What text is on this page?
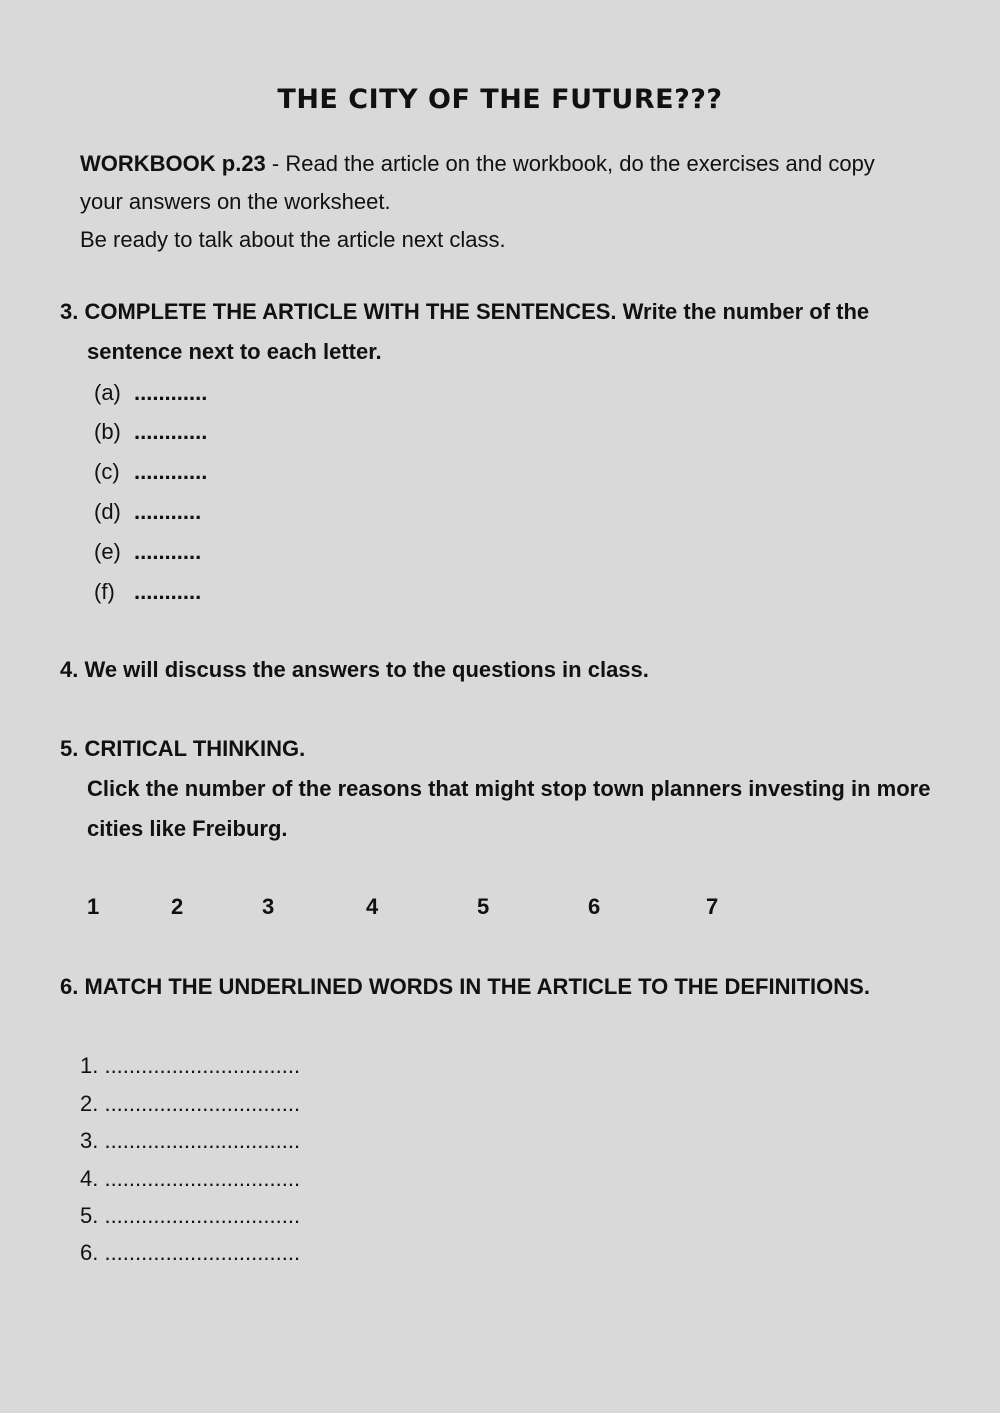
THE CITY OF THE FUTURE???
WORKBOOK p.23 - Read the article on the workbook, do the exercises and copy
your answers on the worksheet.
Be ready to talk about the article next class.
3. COMPLETE THE ARTICLE WITH THE SENTENCES. Write the number of the
sentence next to each letter.
(a) ............
(b) ............
(c) ............
(d) ...........
(e) ...........
(f) ...........
4. We will discuss the answers to the questions in class.
5. CRITICAL THINKING.
Click the number of the reasons that might stop town planners investing in more
cities like Freiburg.
1	2	3	4	5	6	7
6. MATCH THE UNDERLINED WORDS IN THE ARTICLE TO THE DEFINITIONS.
1. ................................
2. ................................
3. ................................
4. ................................
5. ................................
6. ................................
